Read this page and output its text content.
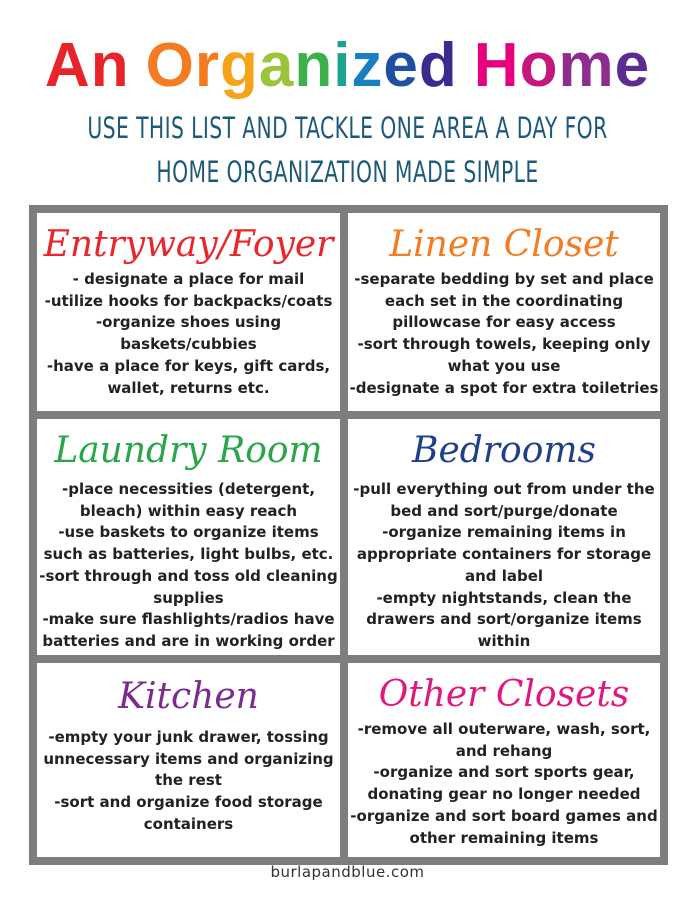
An Organized Home
USE THIS LIST AND TACKLE ONE AREA A DAY FOR
HOME ORGANIZATION MADE SIMPLE
Entryway/Foyer
- designate a place for mail
-utilize hooks for backpacks/coats
-organize shoes using
baskets/cubbies
-have a place for keys, gift cards,
wallet, returns etc.
Linen Closet
-separate bedding by set and place
each set in the coordinating
pillowcase for easy access
-sort through towels, keeping only
what you use
-designate a spot for extra toiletries
Laundry Room
-place necessities (detergent,
bleach) within easy reach
-use baskets to organize items
such as batteries, light bulbs, etc.
-sort through and toss old cleaning
supplies
-make sure flashlights/radios have
batteries and are in working order
Bedrooms
-pull everything out from under the
bed and sort/purge/donate
-organize remaining items in
appropriate containers for storage
and label
-empty nightstands, clean the
drawers and sort/organize items
within
Kitchen
-empty your junk drawer, tossing
unnecessary items and organizing
the rest
-sort and organize food storage
containers
Other Closets
-remove all outerware, wash, sort,
and rehang
-organize and sort sports gear,
donating gear no longer needed
-organize and sort board games and
other remaining items
burlapandblue.com
